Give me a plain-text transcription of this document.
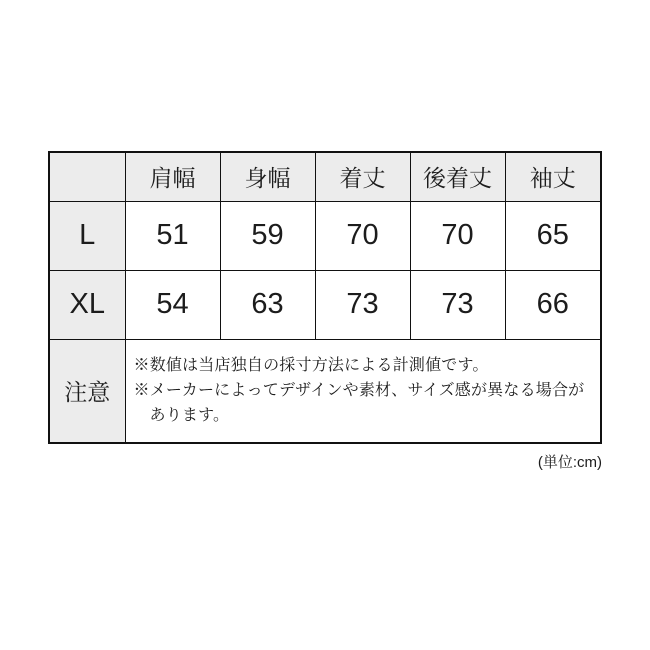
	肩幅	身幅	着丈	後着丈	袖丈
L	51	59	70	70	65
XL	54	63	73	73	66
注意	※数値は当店独自の採寸方法による計測値です。
※メーカーによってデザインや素材、サイズ感が異なる場合があります。				
(単位:cm)
